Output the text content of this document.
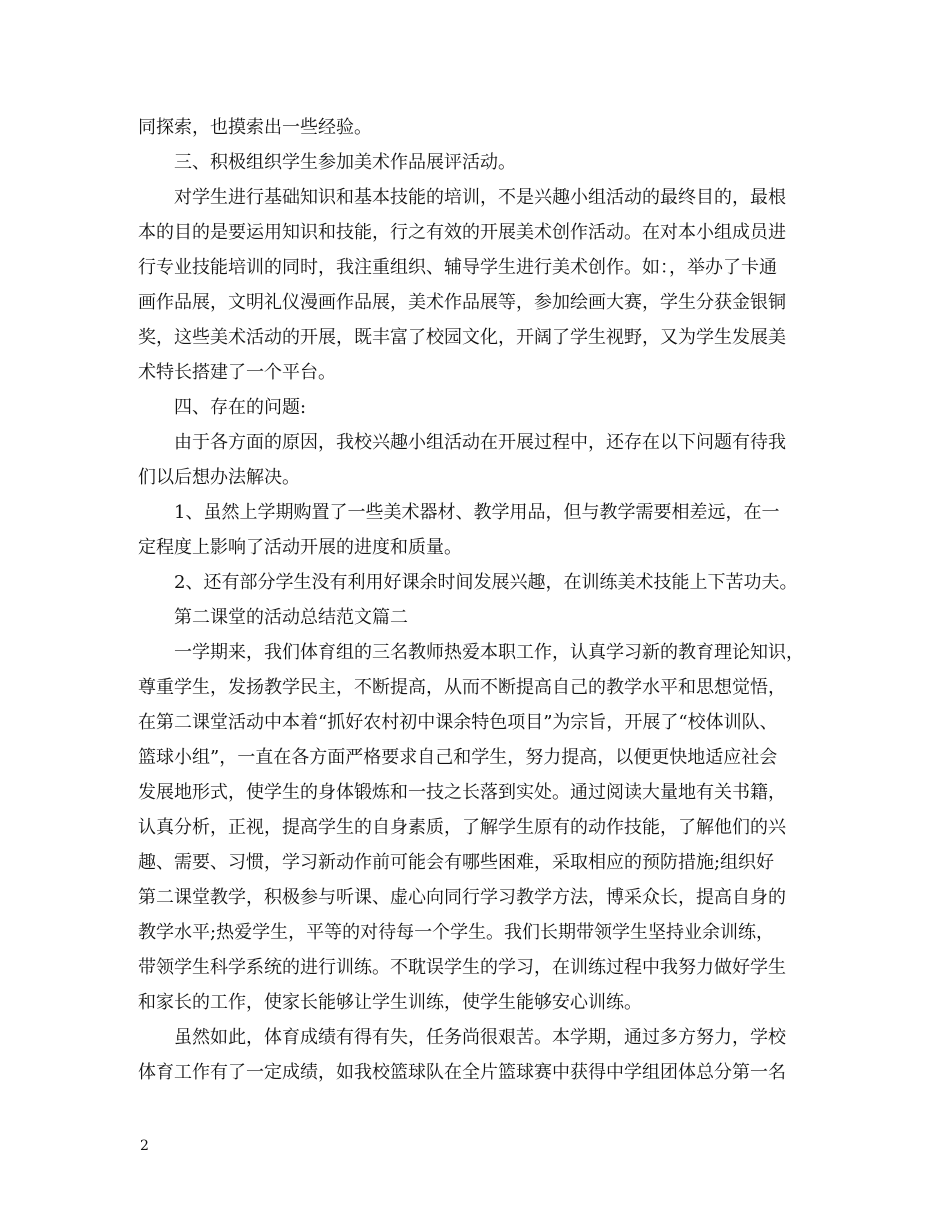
同探索，也摸索出一些经验。
三、积极组织学生参加美术作品展评活动。
对学生进行基础知识和基本技能的培训，不是兴趣小组活动的最终目的，最根
本的目的是要运用知识和技能，行之有效的开展美术创作活动。在对本小组成员进
行专业技能培训的同时，我注重组织、辅导学生进行美术创作。如：，举办了卡通
画作品展，文明礼仪漫画作品展，美术作品展等，参加绘画大赛，学生分获金银铜
奖，这些美术活动的开展，既丰富了校园文化，开阔了学生视野，又为学生发展美
术特长搭建了一个平台。
四、存在的问题:
由于各方面的原因，我校兴趣小组活动在开展过程中，还存在以下问题有待我
们以后想办法解决。
1、虽然上学期购置了一些美术器材、教学用品，但与教学需要相差远，在一
定程度上影响了活动开展的进度和质量。
2、还有部分学生没有利用好课余时间发展兴趣，在训练美术技能上下苦功夫。
第二课堂的活动总结范文篇二
一学期来，我们体育组的三名教师热爱本职工作，认真学习新的教育理论知识，
尊重学生，发扬教学民主，不断提高，从而不断提高自己的教学水平和思想觉悟，
在第二课堂活动中本着“抓好农村初中课余特色项目”为宗旨，开展了“校体训队、
篮球小组”，一直在各方面严格要求自己和学生，努力提高，以便更快地适应社会
发展地形式，使学生的身体锻炼和一技之长落到实处。通过阅读大量地有关书籍，
认真分析，正视，提高学生的自身素质，了解学生原有的动作技能，了解他们的兴
趣、需要、习惯，学习新动作前可能会有哪些困难，采取相应的预防措施;组织好
第二课堂教学，积极参与听课、虚心向同行学习教学方法，博采众长，提高自身的
教学水平;热爱学生，平等的对待每一个学生。我们长期带领学生坚持业余训练，
带领学生科学系统的进行训练。不耽误学生的学习，在训练过程中我努力做好学生
和家长的工作，使家长能够让学生训练，使学生能够安心训练。
虽然如此，体育成绩有得有失，任务尚很艰苦。本学期，通过多方努力，学校
体育工作有了一定成绩，如我校篮球队在全片篮球赛中获得中学组团体总分第一名
2
